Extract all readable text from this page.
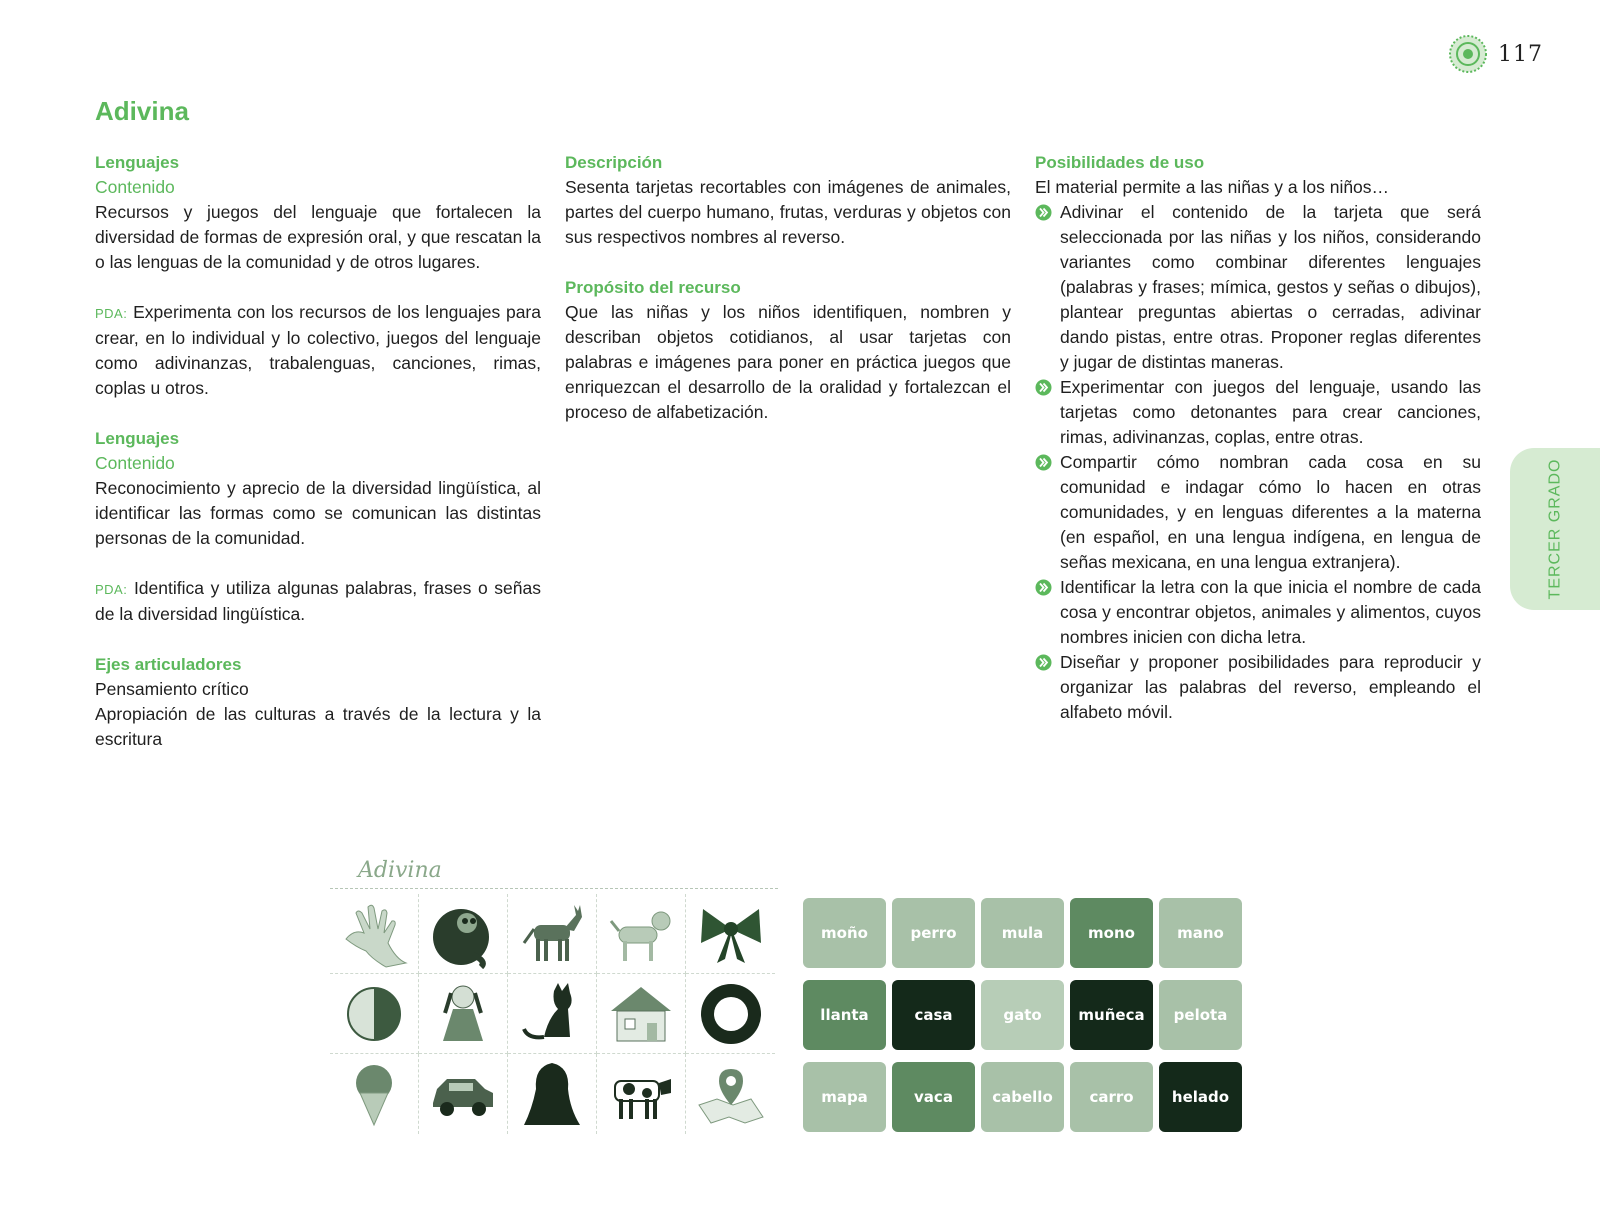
117
Adivina
Lenguajes
Contenido
Recursos y juegos del lenguaje que fortalecen la diversidad de formas de expresión oral, y que rescatan la o las lenguas de la comunidad y de otros lugares.
PDA: Experimenta con los recursos de los lenguajes para crear, en lo individual y lo colectivo, juegos del lenguaje como adivinanzas, trabalenguas, canciones, rimas, coplas u otros.
Lenguajes
Contenido
Reconocimiento y aprecio de la diversidad lingüística, al identificar las formas como se comunican las distintas personas de la comunidad.
PDA: Identifica y utiliza algunas palabras, frases o señas de la diversidad lingüística.
Ejes articuladores
Pensamiento crítico
Apropiación de las culturas a través de la lectura y la escritura
Descripción
Sesenta tarjetas recortables con imágenes de animales, partes del cuerpo humano, frutas, verduras y objetos con sus respectivos nombres al reverso.
Propósito del recurso
Que las niñas y los niños identifiquen, nombren y describan objetos cotidianos, al usar tarjetas con palabras e imágenes para poner en práctica juegos que enriquezcan el desarrollo de la oralidad y fortalezcan el proceso de alfabetización.
Posibilidades de uso
El material permite a las niñas y a los niños…
Adivinar el contenido de la tarjeta que será seleccionada por las niñas y los niños, considerando variantes como combinar diferentes lenguajes (palabras y frases; mímica, gestos y señas o dibujos), plantear preguntas abiertas o cerradas, adivinar dando pistas, entre otras. Proponer reglas diferentes y jugar de distintas maneras.
Experimentar con juegos del lenguaje, usando las tarjetas como detonantes para crear canciones, rimas, adivinanzas, coplas, entre otras.
Compartir cómo nombran cada cosa en su comunidad e indagar cómo lo hacen en otras comunidades, y en lenguas diferentes a la materna (en español, en una lengua indígena, en lengua de señas mexicana, en una lengua extranjera).
Identificar la letra con la que inicia el nombre de cada cosa y encontrar objetos, animales y alimentos, cuyos nombres inicien con dicha letra.
Diseñar y proponer posibilidades para reproducir y organizar las palabras del reverso, empleando el alfabeto móvil.
TERCER GRADO
Adivina
moño	perro	mula	mono	mano
llanta	casa	gato	muñeca	pelota
mapa	vaca	cabello	carro	helado
